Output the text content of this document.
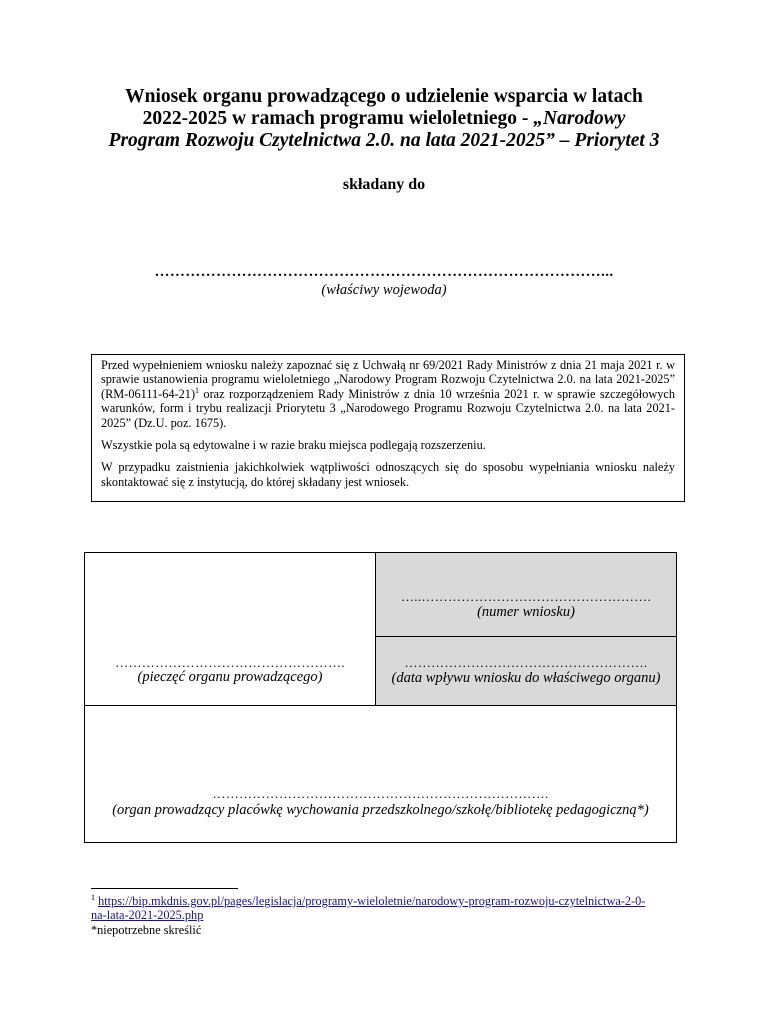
Wniosek organu prowadzącego o udzielenie wsparcia w latach
2022-2025 w ramach programu wieloletniego - „Narodowy
Program Rozwoju Czytelnictwa 2.0. na lata 2021-2025” – Priorytet 3
składany do
……………………………………………………………………………...
(właściwy wojewoda)

Przed wypełnieniem wniosku należy zapoznać się z Uchwałą nr 69/2021 Rady Ministrów z dnia 21 maja 2021 r. w sprawie ustanowienia programu wieloletniego „Narodowy Program Rozwoju Czytelnictwa 2.0. na lata 2021-2025” $(RM-06111-64-21)^1$ oraz rozporządzeniem Rady Ministrów z dnia 10 września 2021 r. w sprawie szczegółowych warunków, form i trybu realizacji Priorytetu 3 „Narodowego Programu Rozwoju Czytelnictwa 2.0. na lata 2021-2025” (Dz.U. poz. 1675).

Wszystkie pola są edytowalne i w razie braku miejsca podlegają rozszerzeniu.

W przypadku zaistnienia jakichkolwiek wątpliwości odnoszących się do sposobu wypełniania wniosku należy skontaktować się z instytucją, do której składany jest wniosek.

…………………………………………….
(pieczęć organu prowadzącego)
…..…………………………………………….
(numer wniosku)
……………………………………………….
(data wpływu wniosku do właściwego organu)
………………………………………………………………….
(organ prowadzący placówkę wychowania przedszkolnego/szkołę/bibliotekę pedagogiczną*)
$^1$ https://bip.mkdnis.gov.pl/pages/legislacja/programy-wieloletnie/narodowy-program-rozwoju-czytelnictwa-2-0-
na-lata-2021-2025.php
*niepotrzebne skreślić
